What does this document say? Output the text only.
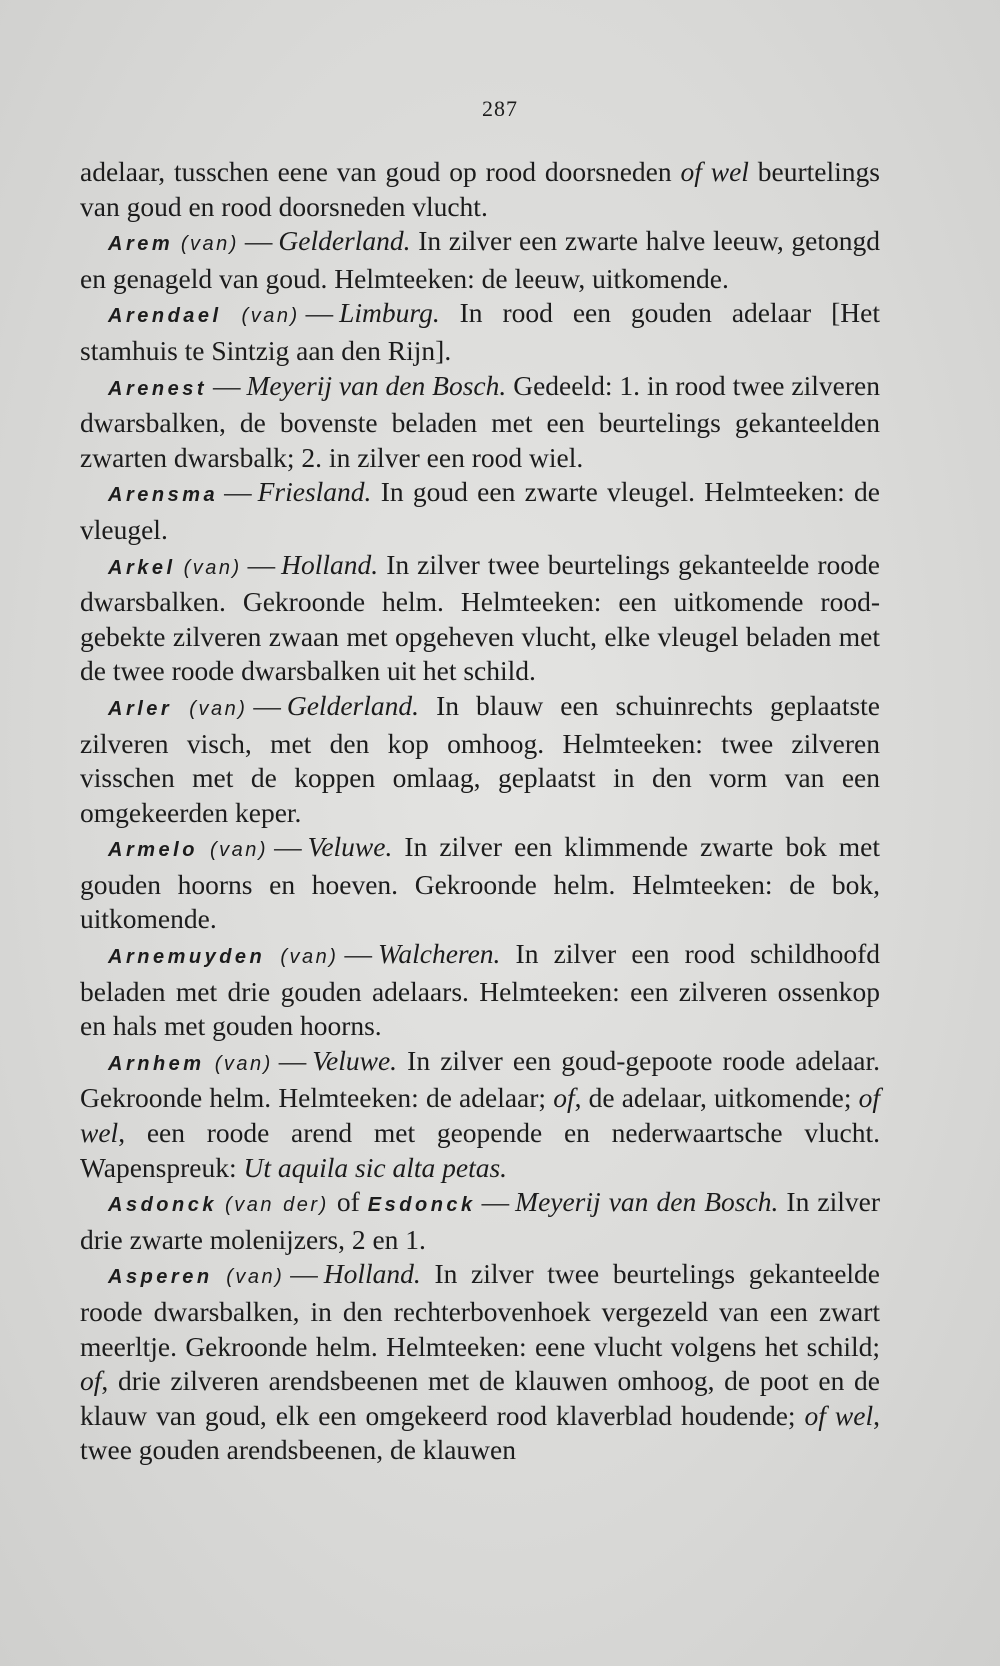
287

adelaar, tusschen eene van goud op rood doorsneden of wel beurtelings van goud en rood doorsneden vlucht.

Arem (van) — Gelderland. In zilver een zwarte halve leeuw, getongd en genageld van goud. Helmteeken: de leeuw, uitkomende.

Arendael (van) — Limburg. In rood een gouden adelaar [Het stamhuis te Sintzig aan den Rijn].

Arenest — Meyerij van den Bosch. Gedeeld: 1. in rood twee zilveren dwarsbalken, de bovenste beladen met een beurtelings gekanteelden zwarten dwarsbalk; 2. in zilver een rood wiel.

Arensma — Friesland. In goud een zwarte vleugel. Helmteeken: de vleugel.

Arkel (van) — Holland. In zilver twee beurtelings gekanteelde roode dwarsbalken. Gekroonde helm. Helmteeken: een uitkomende rood-gebekte zilveren zwaan met opgeheven vlucht, elke vleugel beladen met de twee roode dwarsbalken uit het schild.

Arler (van) — Gelderland. In blauw een schuinrechts geplaatste zilveren visch, met den kop omhoog. Helmteeken: twee zilveren visschen met de koppen omlaag, geplaatst in den vorm van een omgekeerden keper.

Armelo (van) — Veluwe. In zilver een klimmende zwarte bok met gouden hoorns en hoeven. Gekroonde helm. Helmteeken: de bok, uitkomende.

Arnemuyden (van) — Walcheren. In zilver een rood schildhoofd beladen met drie gouden adelaars. Helmteeken: een zilveren ossenkop en hals met gouden hoorns.

Arnhem (van) — Veluwe. In zilver een goud-gepoote roode adelaar. Gekroonde helm. Helmteeken: de adelaar; of, de adelaar, uitkomende; of wel, een roode arend met geopende en nederwaartsche vlucht. Wapenspreuk: Ut aquila sic alta petas.

Asdonck (van der) of Esdonck — Meyerij van den Bosch. In zilver drie zwarte molenijzers, 2 en 1.

Asperen (van) — Holland. In zilver twee beurtelings gekanteelde roode dwarsbalken, in den rechterbovenhoek vergezeld van een zwart meerltje. Gekroonde helm. Helmteeken: eene vlucht volgens het schild; of, drie zilveren arendsbeenen met de klauwen omhoog, de poot en de klauw van goud, elk een omgekeerd rood klaverblad houdende; of wel, twee gouden arendsbeenen, de klauwen
